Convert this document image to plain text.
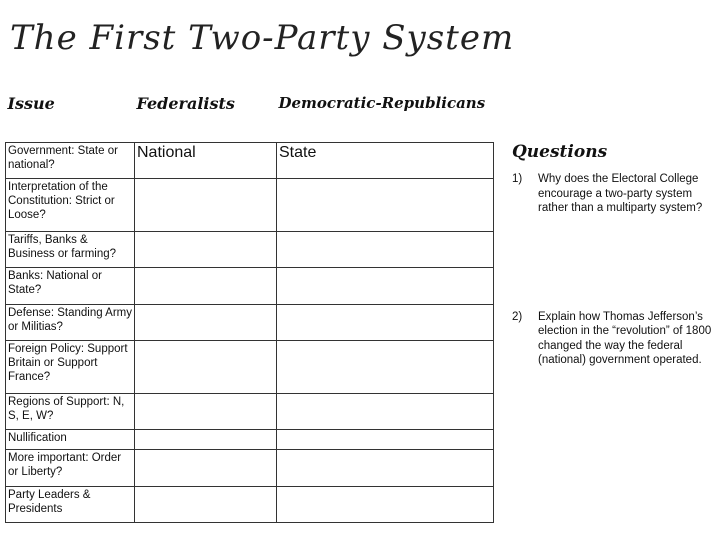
The First Two-Party System
Issue	Federalists	Democratic-Republicans
Government: State or national?	National	State
Interpretation of the Constitution: Strict or Loose?		
Tariffs, Banks & Business or farming?		
Banks: National or State?		
Defense: Standing Army or Militias?		
Foreign Policy: Support Britain or Support France?		
Regions of Support: N, S, E, W?		
Nullification		
More important: Order or Liberty?		
Party Leaders & Presidents		
Questions
1)	Why does the Electoral College encourage a two-party system rather than a multiparty system?
2)	Explain how Thomas Jefferson’s election in the “revolution” of 1800 changed the way the federal (national) government operated.
